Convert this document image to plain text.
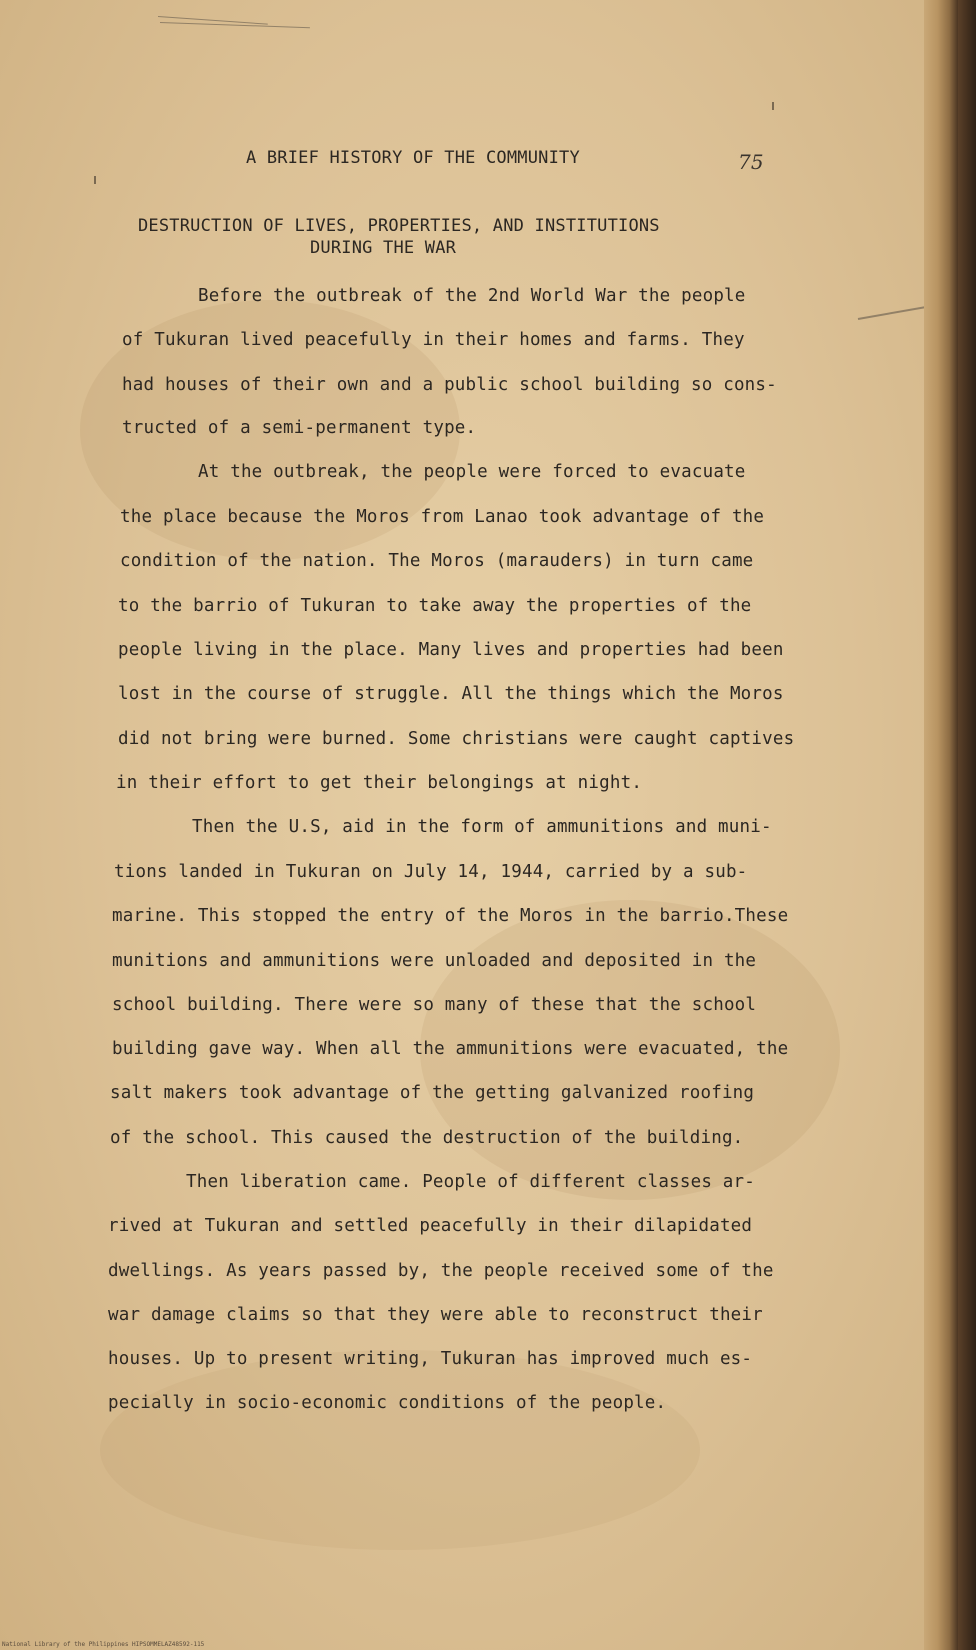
A BRIEF HISTORY OF THE COMMUNITY	75
DESTRUCTION OF LIVES, PROPERTIES, AND INSTITUTIONS
DURING THE WAR
Before the outbreak of the 2nd World War the people
of Tukuran lived peacefully in their homes and farms. They
had houses of their own and a public school building so cons-
tructed of a semi-permanent type.
At the outbreak, the people were forced to evacuate
the place because the Moros from Lanao took advantage of the
condition of the nation. The Moros (marauders) in turn came
to the barrio of Tukuran to take away the properties of the
people living in the place. Many lives and properties had been
lost in the course of struggle. All the things which the Moros
did not bring were burned. Some christians were caught captives
in their effort to get their belongings at night.
Then the U.S, aid in the form of ammunitions and muni-
tions landed in Tukuran on July 14, 1944, carried by a sub-
marine. This stopped the entry of the Moros in the barrio.These
munitions and ammunitions were unloaded and deposited in the
school building. There were so many of these that the school
building gave way. When all the ammunitions were evacuated, the
salt makers took advantage of the getting galvanized roofing
of the school. This caused the destruction of the building.
Then liberation came. People of different classes ar-
rived at Tukuran and settled peacefully in their dilapidated
dwellings. As years passed by, the people received some of the
war damage claims so that they were able to reconstruct their
houses. Up to present writing, Tukuran has improved much es-
pecially in socio-economic conditions of the people.
National Library of the Philippines HIPSOMMELAZ48592-115
